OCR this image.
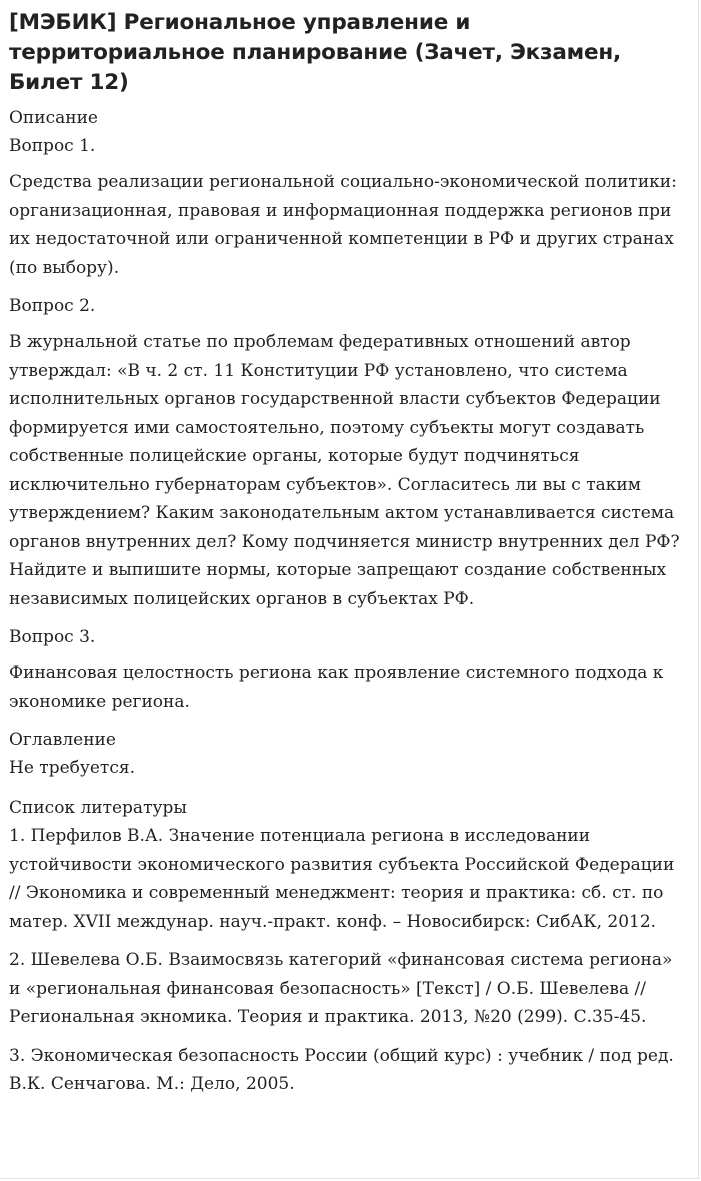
[МЭБИК] Региональное управление и территориальное планирование (Зачет, Экзамен, Билет 12)

Описание

Вопрос 1.

Средства реализации региональной социально-экономической политики: организационная, правовая и информационная поддержка регионов при их недостаточной или ограниченной компетенции в РФ и других странах (по выбору).

Вопрос 2.

В журнальной статье по проблемам федеративных отношений автор утверждал: «В ч. 2 ст. 11 Конституции РФ установлено, что система исполнительных органов государственной власти субъектов Федерации формируется ими самостоятельно, поэтому субъекты могут создавать собственные полицейские органы, которые будут подчиняться исключительно губернаторам субъектов». Согласитесь ли вы с таким утверждением? Каким законодательным актом устанавливается система органов внутренних дел? Кому подчиняется министр внутренних дел РФ? Найдите и выпишите нормы, которые запрещают создание собственных независимых полицейских органов в субъектах РФ.

Вопрос 3.

Финансовая целостность региона как проявление системного подхода к экономике региона.

Оглавление

Не требуется.

Список литературы

1. Перфилов В.А. Значение потенциала региона в исследовании устойчивости экономического развития субъекта Российской Федерации // Экономика и современный менеджмент: теория и практика: сб. ст. по матер. XVII междунар. науч.-практ. конф. – Новосибирск: СибАК, 2012.

2. Шевелева О.Б. Взаимосвязь категорий «финансовая система региона» и «региональная финансовая безопасность» [Текст] / О.Б. Шевелева // Региональная экномика. Теория и практика. 2013, №20 (299). С.35-45.

3. Экономическая безопасность России (общий курс) : учебник / под ред. В.К. Сенчагова. М.: Дело, 2005.
